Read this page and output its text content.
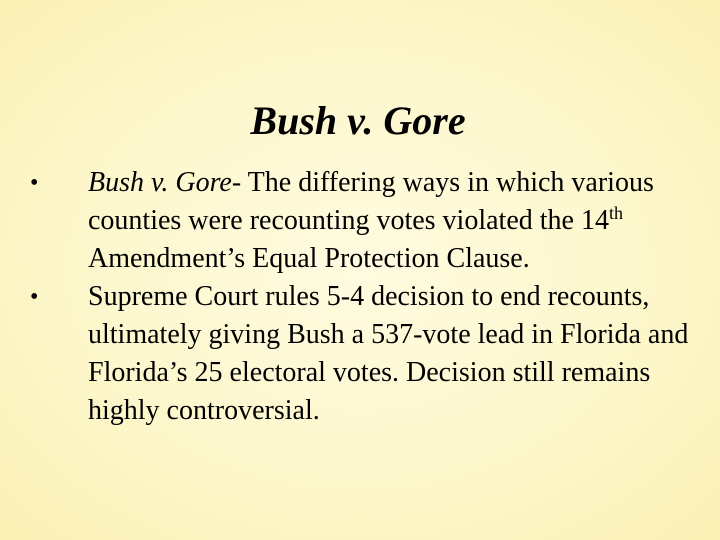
Bush v. Gore
•	Bush v. Gore- The differing ways in which various counties were recounting votes violated the 14th Amendment’s Equal Protection Clause.
•	Supreme Court rules 5-4 decision to end recounts, ultimately giving Bush a 537-vote lead in Florida and Florida’s 25 electoral votes. Decision still remains highly controversial.
